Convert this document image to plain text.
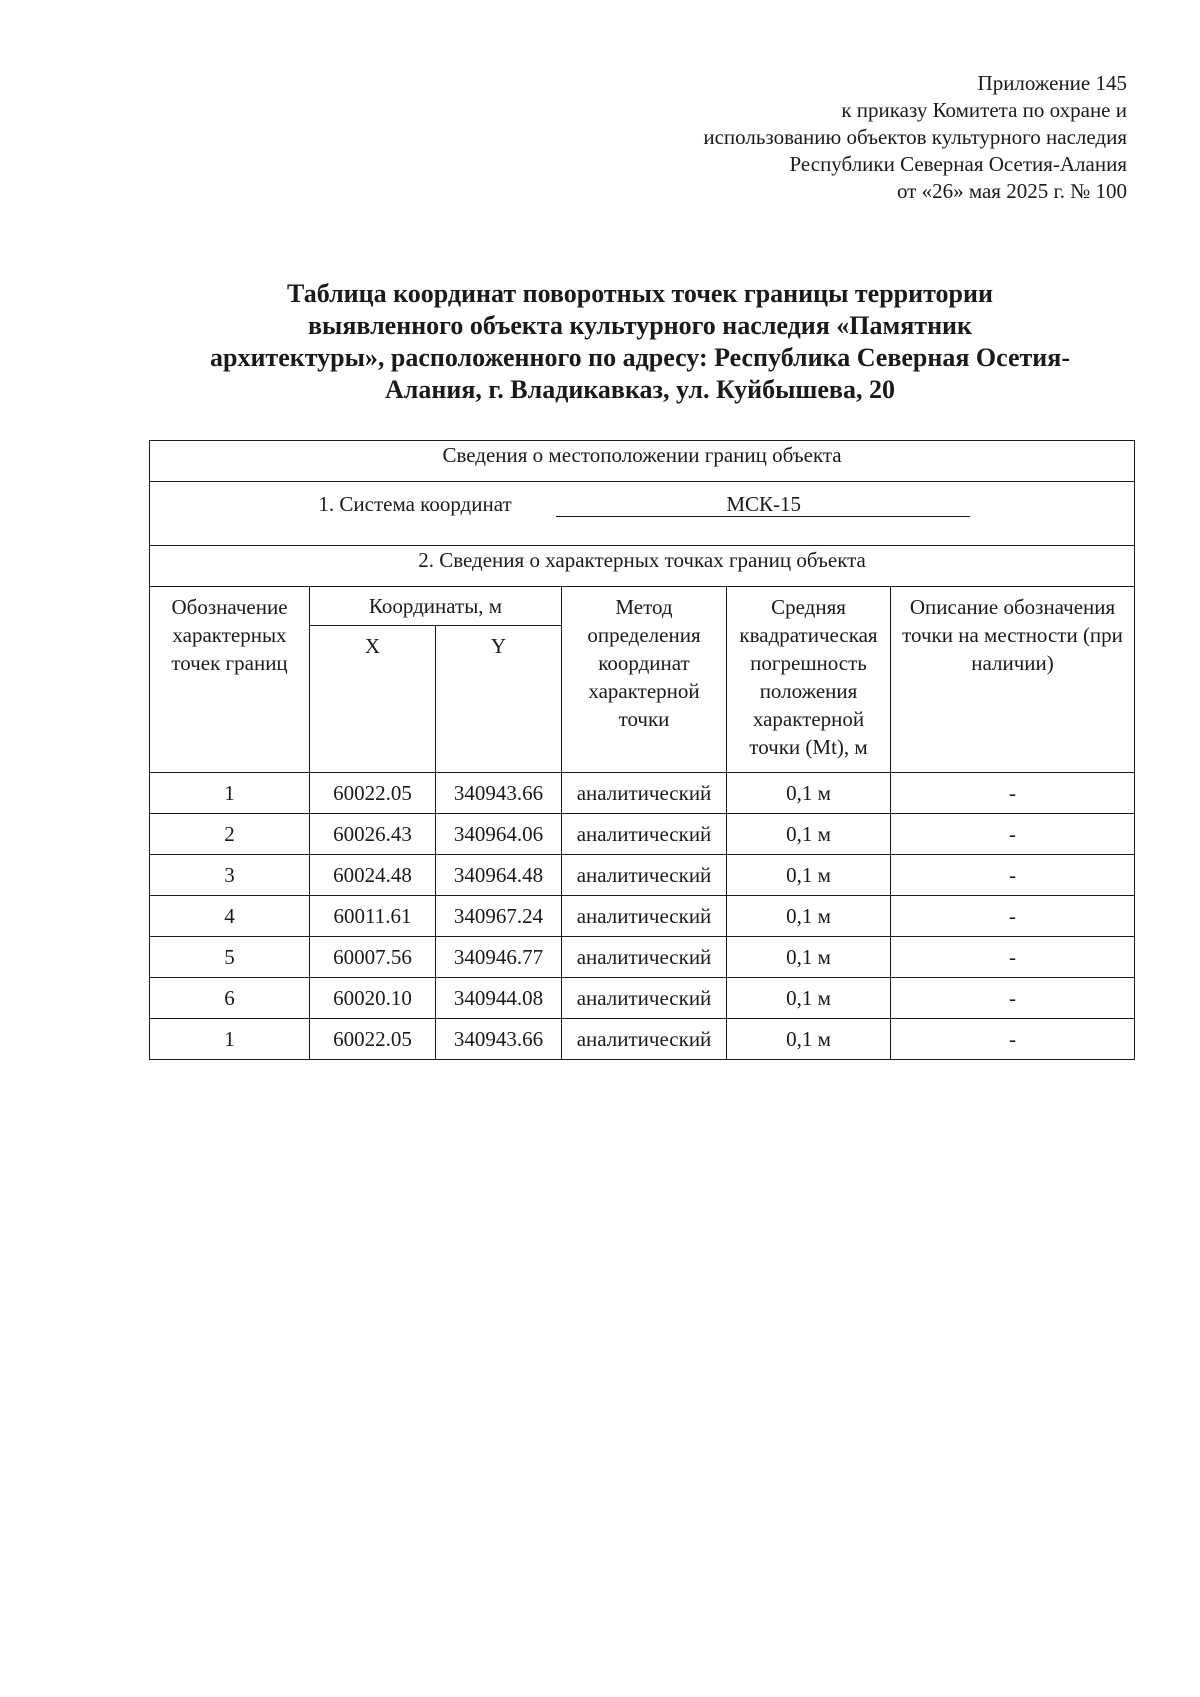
Приложение 145
к приказу Комитета по охране и
использованию объектов культурного наследия
Республики Северная Осетия-Алания
от «26» мая 2025 г. № 100
Таблица координат поворотных точек границы территории
выявленного объекта культурного наследия «Памятник
архитектуры», расположенного по адресу: Республика Северная Осетия-
Алания, г. Владикавказ, ул. Куйбышева, 20
Сведения о местоположении границ объекта					

1. Система координат МСК-15					

2. Сведения о характерных точках границ объекта					
Обозначение характерных точек границ	Координаты, м		Метод определения координат характерной точки	Средняя квадратическая погрешность положения характерной точки (Mt), м	Описание обозначения точки на местности (при наличии)
	X	Y			
1	60022.05	340943.66	аналитический	0,1 м	-
2	60026.43	340964.06	аналитический	0,1 м	-
3	60024.48	340964.48	аналитический	0,1 м	-
4	60011.61	340967.24	аналитический	0,1 м	-
5	60007.56	340946.77	аналитический	0,1 м	-
6	60020.10	340944.08	аналитический	0,1 м	-
1	60022.05	340943.66	аналитический	0,1 м	-
